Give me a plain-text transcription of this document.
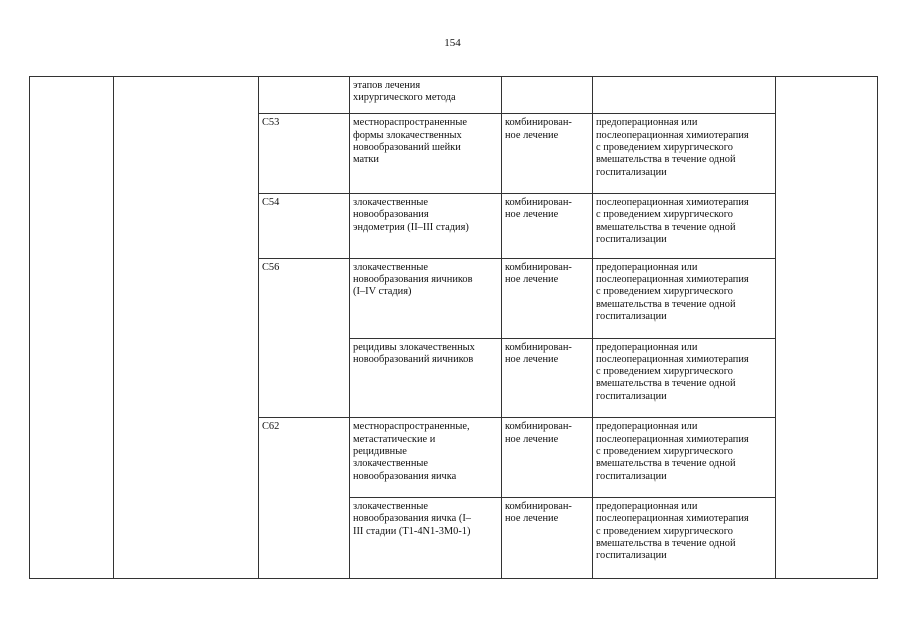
154
			этапов лечения
хирургического метода			
		C53	местнораспространенные
формы злокачественных
новообразований шейки
матки	комбинирован-
ное лечение	предоперационная или
послеоперационная химиотерапия
с проведением хирургического
вмешательства в течение одной
госпитализации	
		C54	злокачественные
новообразования
эндометрия (II–III стадия)	комбинирован-
ное лечение	послеоперационная химиотерапия
с проведением хирургического
вмешательства в течение одной
госпитализации	
		C56	злокачественные
новообразования яичников
(I–IV стадия)	комбинирован-
ное лечение	предоперационная или
послеоперационная химиотерапия
с проведением хирургического
вмешательства в течение одной
госпитализации	
			рецидивы злокачественных
новообразований яичников	комбинирован-
ное лечение	предоперационная или
послеоперационная химиотерапия
с проведением хирургического
вмешательства в течение одной
госпитализации	
		C62	местнораспространенные,
метастатические и
рецидивные
злокачественные
новообразования яичка	комбинирован-
ное лечение	предоперационная или
послеоперационная химиотерапия
с проведением хирургического
вмешательства в течение одной
госпитализации	
			злокачественные
новообразования яичка (I–
III стадии (T1-4N1-3M0-1)	комбинирован-
ное лечение	предоперационная или
послеоперационная химиотерапия
с проведением хирургического
вмешательства в течение одной
госпитализации	
